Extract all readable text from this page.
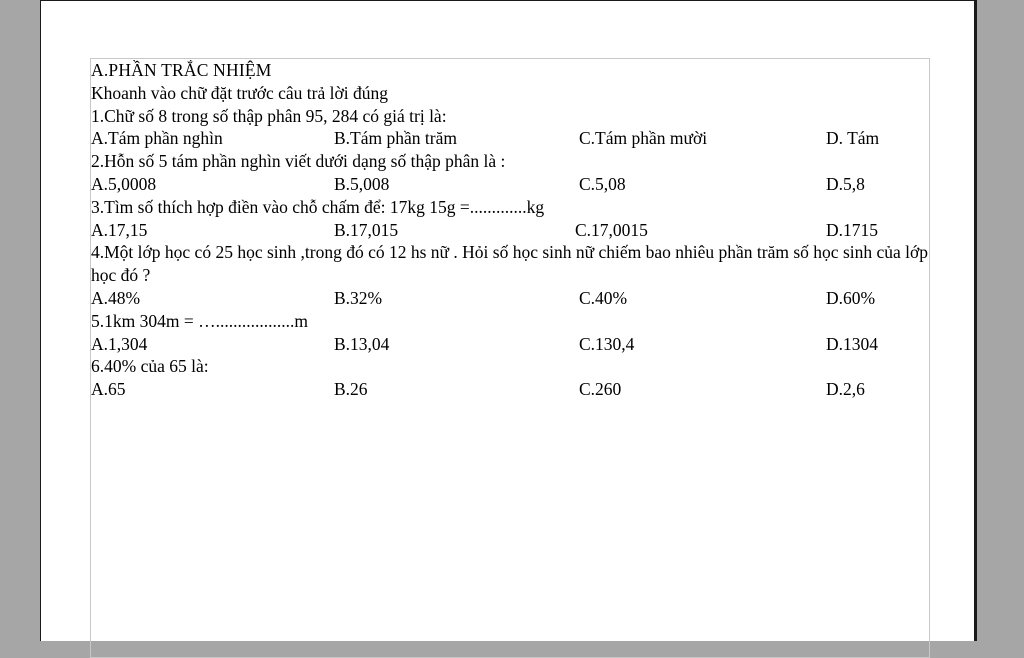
A.PHẦN TRẮC NHIỆM
Khoanh vào chữ đặt trước câu trả lời đúng
1.Chữ số 8 trong số thập phân 95, 284 có giá trị là:
A.Tám phần nghìn	B.Tám phần trăm	C.Tám phần mười	D. Tám
2.Hỗn số 5 tám phần nghìn viết dưới dạng số thập phân là :
A.5,0008	B.5,008	C.5,08	D.5,8
3.Tìm số thích hợp điền vào chỗ chấm để: 17kg 15g =.............kg
A.17,15	B.17,015	C.17,0015	D.1715
4.Một lớp học có 25 học sinh ,trong đó có 12 hs nữ . Hỏi số học sinh nữ chiếm bao nhiêu phần trăm số học sinh của lớp học đó ?
A.48%	B.32%	C.40%	D.60%
5.1km 304m = …..................m
A.1,304	B.13,04	C.130,4	D.1304
6.40% của 65 là:
A.65	B.26	C.260	D.2,6
